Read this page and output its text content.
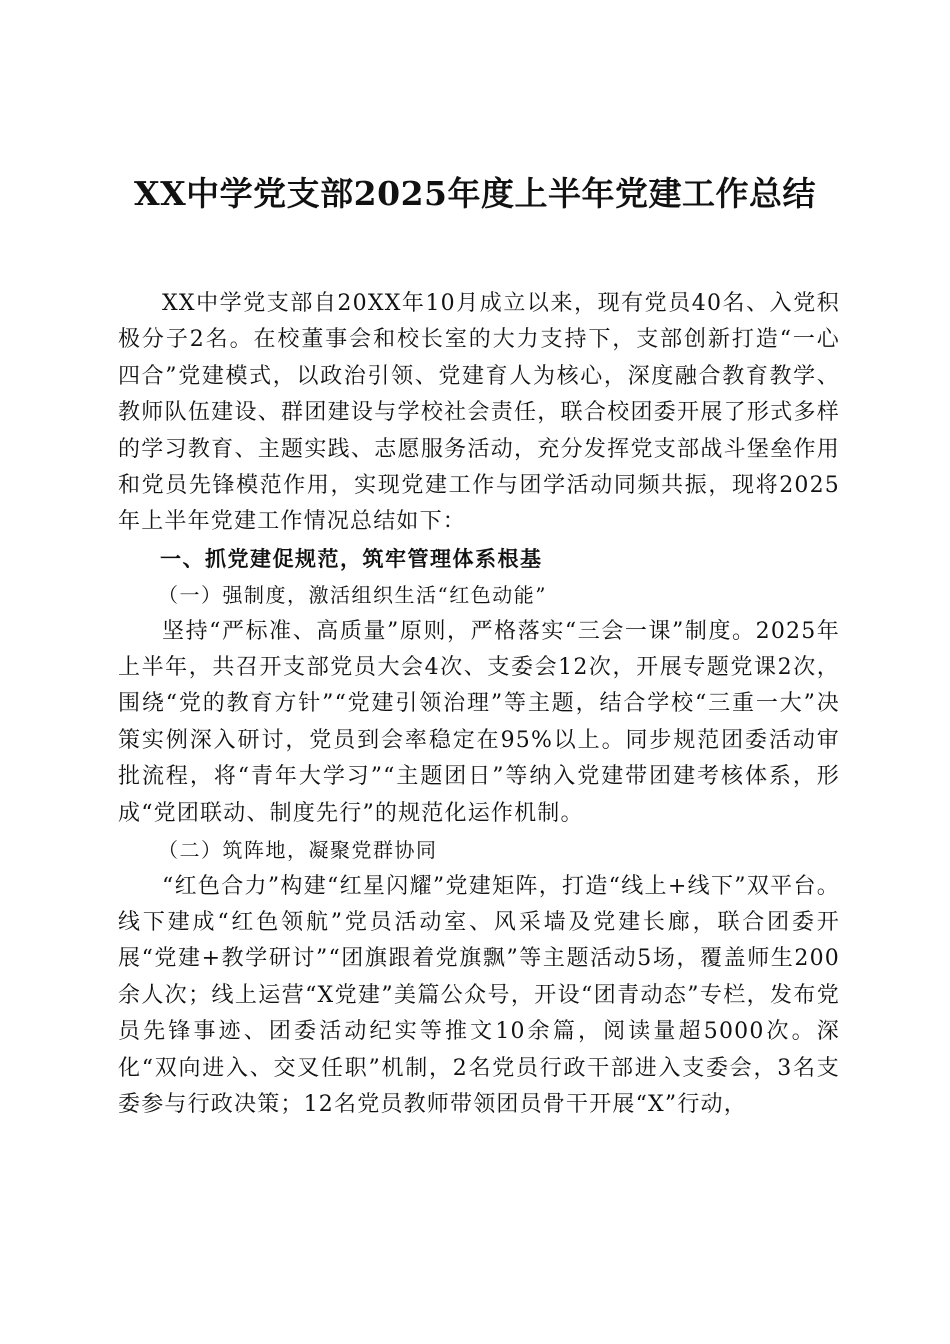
XX中学党支部2025年度上半年党建工作总结

XX中学党支部自20XX年10月成立以来，现有党员40名、入党积极分子2名。在校董事会和校长室的大力支持下，支部创新打造“一心四合”党建模式，以政治引领、党建育人为核心，深度融合教育教学、教师队伍建设、群团建设与学校社会责任，联合校团委开展了形式多样的学习教育、主题实践、志愿服务活动，充分发挥党支部战斗堡垒作用和党员先锋模范作用，实现党建工作与团学活动同频共振，现将2025年上半年党建工作情况总结如下：

一、抓党建促规范，筑牢管理体系根基

（一）强制度，激活组织生活“红色动能”

坚持“严标准、高质量”原则，严格落实“三会一课”制度。2025年上半年，共召开支部党员大会4次、支委会12次，开展专题党课2次，围绕“党的教育方针”“党建引领治理”等主题，结合学校“三重一大”决策实例深入研讨，党员到会率稳定在95%以上。同步规范团委活动审批流程，将“青年大学习”“主题团日”等纳入党建带团建考核体系，形成“党团联动、制度先行”的规范化运作机制。

（二）筑阵地，凝聚党群协同

“红色合力”构建“红星闪耀”党建矩阵，打造“线上+线下”双平台。线下建成“红色领航”党员活动室、风采墙及党建长廊，联合团委开展“党建+教学研讨”“团旗跟着党旗飘”等主题活动5场，覆盖师生200余人次；线上运营“X党建”美篇公众号，开设“团青动态”专栏，发布党员先锋事迹、团委活动纪实等推文10余篇，阅读量超5000次。深化“双向进入、交叉任职”机制，2名党员行政干部进入支委会，3名支委参与行政决策；12名党员教师带领团员骨干开展“X”行动，
